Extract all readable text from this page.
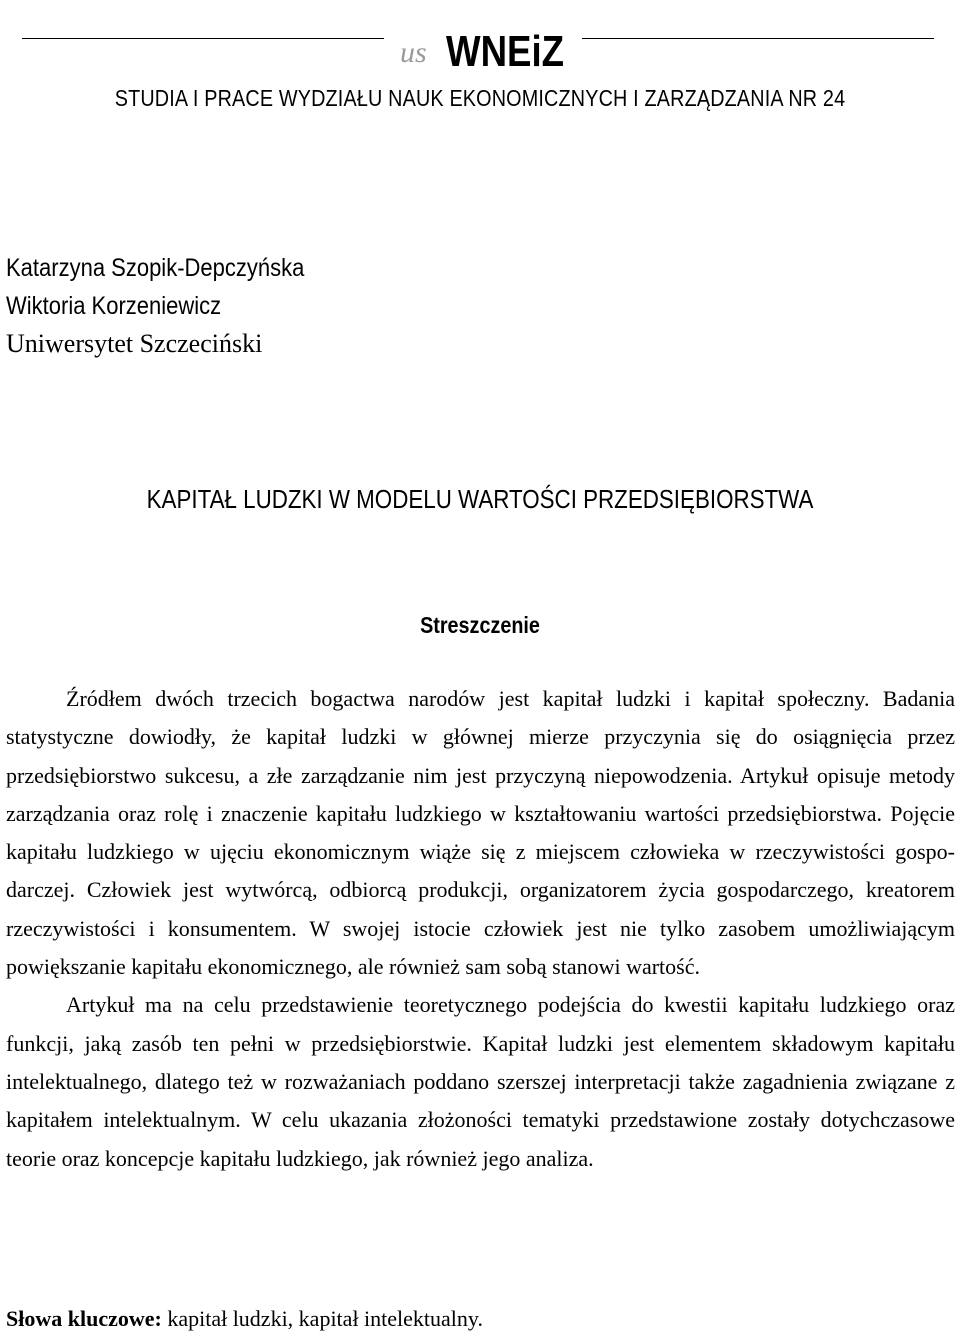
us WNEiZ
STUDIA I PRACE WYDZIAŁU NAUK EKONOMICZNYCH I ZARZĄDZANIA NR 24
Katarzyna Szopik-Depczyńska
Wiktoria Korzeniewicz
Uniwersytet Szczeciński
KAPITAŁ LUDZKI W MODELU WARTOŚCI PRZEDSIĘBIORSTWA
Streszczenie

Źródłem dwóch trzecich bogactwa narodów jest kapitał ludzki i kapitał społeczny. Badania statystyczne dowiodły, że kapitał ludzki w głównej mierze przyczynia się do osiągnięcia przez przedsiębiorstwo sukcesu, a złe zarządzanie nim jest przyczyną niepowodzenia. Artykuł opisuje metody zarządzania oraz rolę i znaczenie kapitału ludzkiego w kształtowaniu wartości przedsiębiorstwa. Pojęcie kapitału ludzkiego w ujęciu ekonomicznym wiąże się z miejscem człowieka w rzeczywistości gospodarczej. Człowiek jest wytwórcą, odbiorcą produkcji, organizatorem życia gospodarczego, kreatorem rzeczywistości i konsumentem. W swojej istocie człowiek jest nie tylko zasobem umożliwiającym powiększanie kapitału ekonomicznego, ale również sam sobą stanowi wartość.

Artykuł ma na celu przedstawienie teoretycznego podejścia do kwestii kapitału ludzkiego oraz funkcji, jaką zasób ten pełni w przedsiębiorstwie. Kapitał ludzki jest elementem składowym kapitału intelektualnego, dlatego też w rozważaniach poddano szerszej interpretacji także zagadnienia związane z kapitałem intelektualnym. W celu ukazania złożoności tematyki przedstawione zostały dotychczasowe teorie oraz koncepcje kapitału ludzkiego, jak również jego analiza.

Słowa kluczowe: kapitał ludzki, kapitał intelektualny.
